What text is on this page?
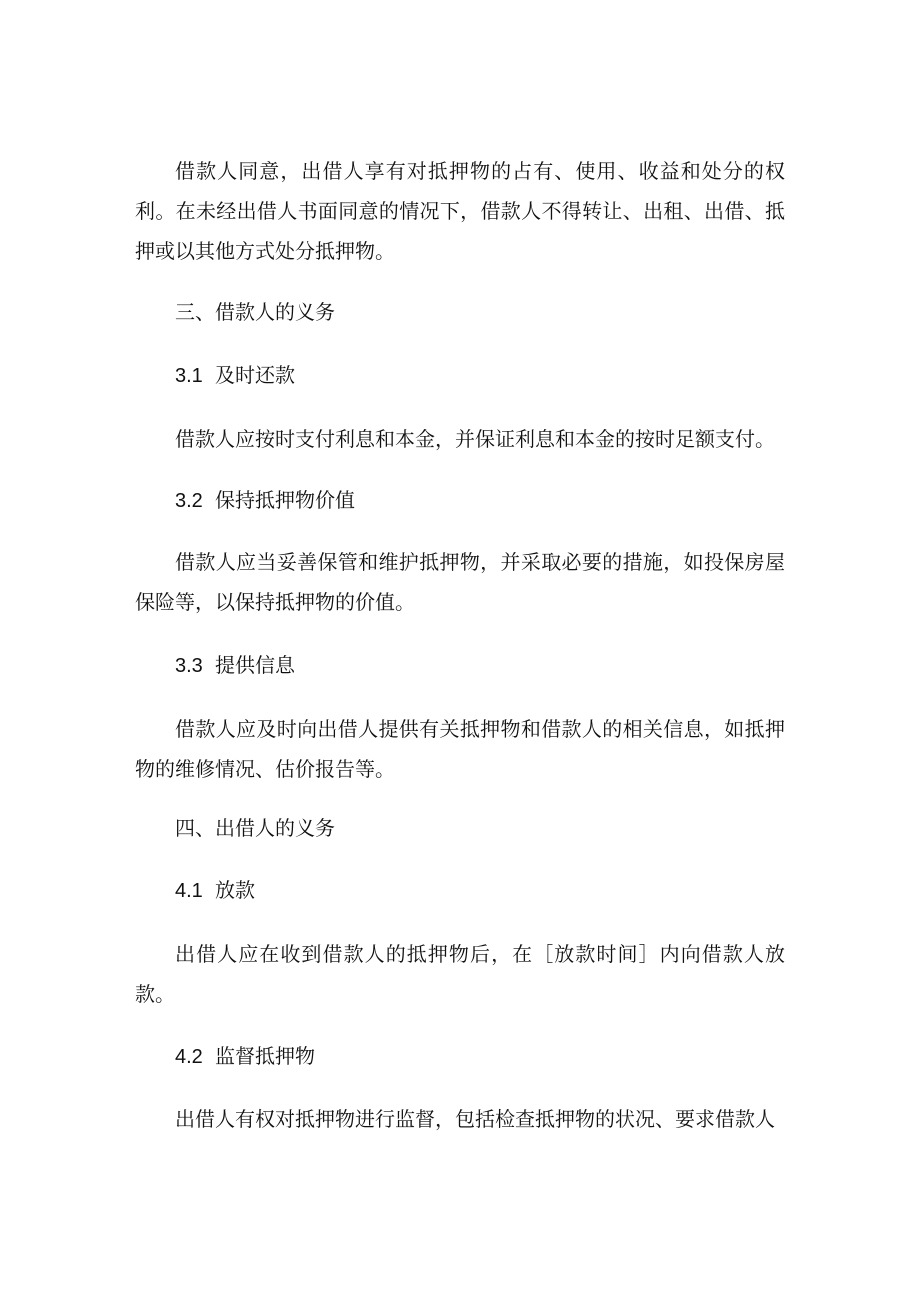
借款人同意，出借人享有对抵押物的占有、使用、收益和处分的权利。在未经出借人书面同意的情况下，借款人不得转让、出租、出借、抵押或以其他方式处分抵押物。

三、借款人的义务
3.1 及时还款

借款人应按时支付利息和本金，并保证利息和本金的按时足额支付。

3.2 保持抵押物价值

借款人应当妥善保管和维护抵押物，并采取必要的措施，如投保房屋保险等，以保持抵押物的价值。

3.3 提供信息

借款人应及时向出借人提供有关抵押物和借款人的相关信息，如抵押物的维修情况、估价报告等。

四、出借人的义务
4.1 放款

出借人应在收到借款人的抵押物后，在［放款时间］内向借款人放款。

4.2 监督抵押物

出借人有权对抵押物进行监督，包括检查抵押物的状况、要求借款人
